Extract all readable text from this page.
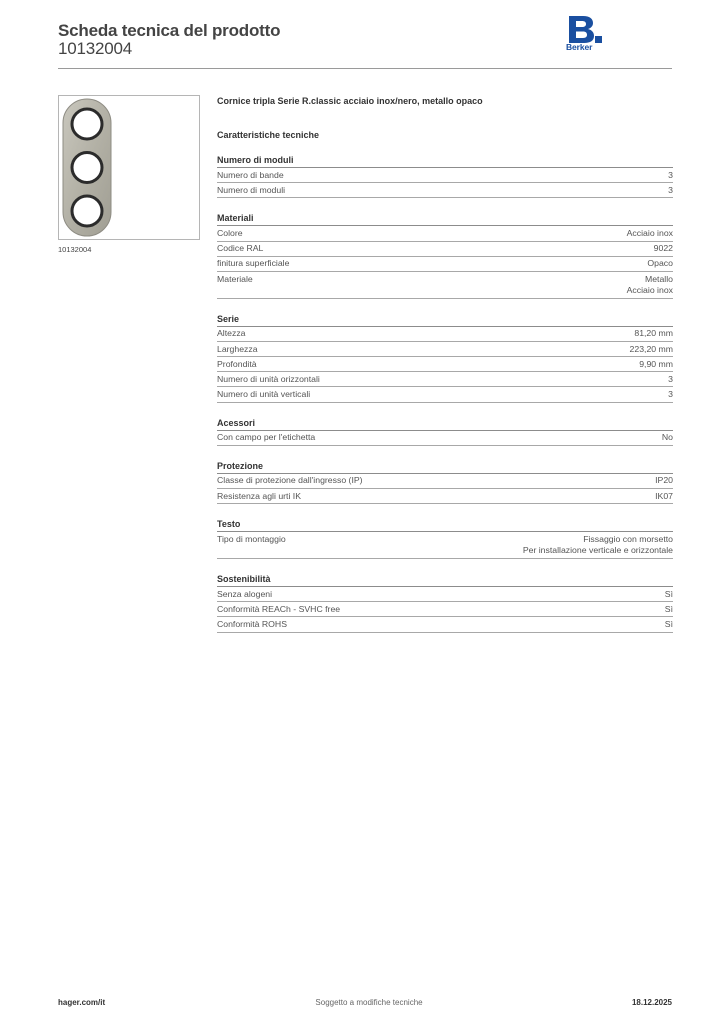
Scheda tecnica del prodotto
10132004	Berker
10132004
Cornice tripla Serie R.classic acciaio inox/nero, metallo opaco
Caratteristiche tecniche
Numero di moduli
Numero di bande	3
Numero di moduli	3
Materiali
Colore	Acciaio inox
Codice RAL	9022
finitura superficiale	Opaco
Materiale	Metallo
Acciaio inox
Serie
Altezza	81,20 mm
Larghezza	223,20 mm
Profondità	9,90 mm
Numero di unità orizzontali	3
Numero di unità verticali	3
Acessori
Con campo per l'etichetta	No
Protezione
Classe di protezione dall'ingresso (IP)	IP20
Resistenza agli urti IK	IK07
Testo
Tipo di montaggio	Fissaggio con morsetto
Per installazione verticale e orizzontale
Sostenibilità
Senza alogeni	Sì
Conformità REACh - SVHC free	Sì
Conformità ROHS	Sì
hager.com/it	Soggetto a modifiche tecniche	18.12.2025
